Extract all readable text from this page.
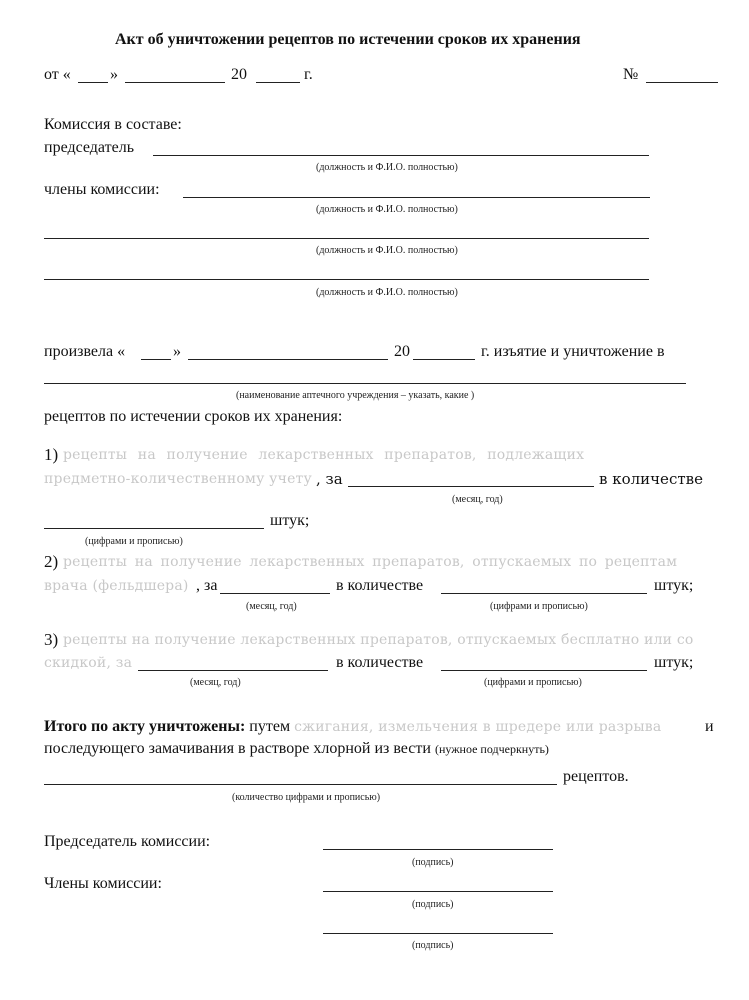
Акт об уничтожении рецептов по истечении сроков их хранения
от « »	20	г.	№
Комиссия в составе:
председатель
(должность и Ф.И.О. полностью)
члены комиссии:
(должность и Ф.И.О. полностью)
(должность и Ф.И.О. полностью)
(должность и Ф.И.О. полностью)
произвела «	»	20	г. изъятие и уничтожение в
(наименование аптечного учреждения – указать, какие )
рецептов по истечении сроков их хранения:
1) рецепты на получение лекарственных препаратов, подлежащих
предметно-количественному учету , за	в количестве
(месяц, год)
штук;
(цифрами и прописью)
2) рецепты на получение лекарственных препаратов, отпускаемых по рецептам
врача (фельдшера) , за	в количестве	штук;
(месяц, год)	(цифрами и прописью)
3) рецепты на получение лекарственных препаратов, отпускаемых бесплатно или со
скидкой, за	в количестве	штук;
(месяц, год)	(цифрами и прописью)
Итого по акту уничтожены: путем сжигания, измельчения в шредере или разрыва	и
последующего замачивания в растворе хлорной из вести (нужное подчеркнуть)
рецептов.
(количество цифрами и прописью)
Председатель комиссии:
(подпись)
Члены комиссии:
(подпись)
(подпись)
